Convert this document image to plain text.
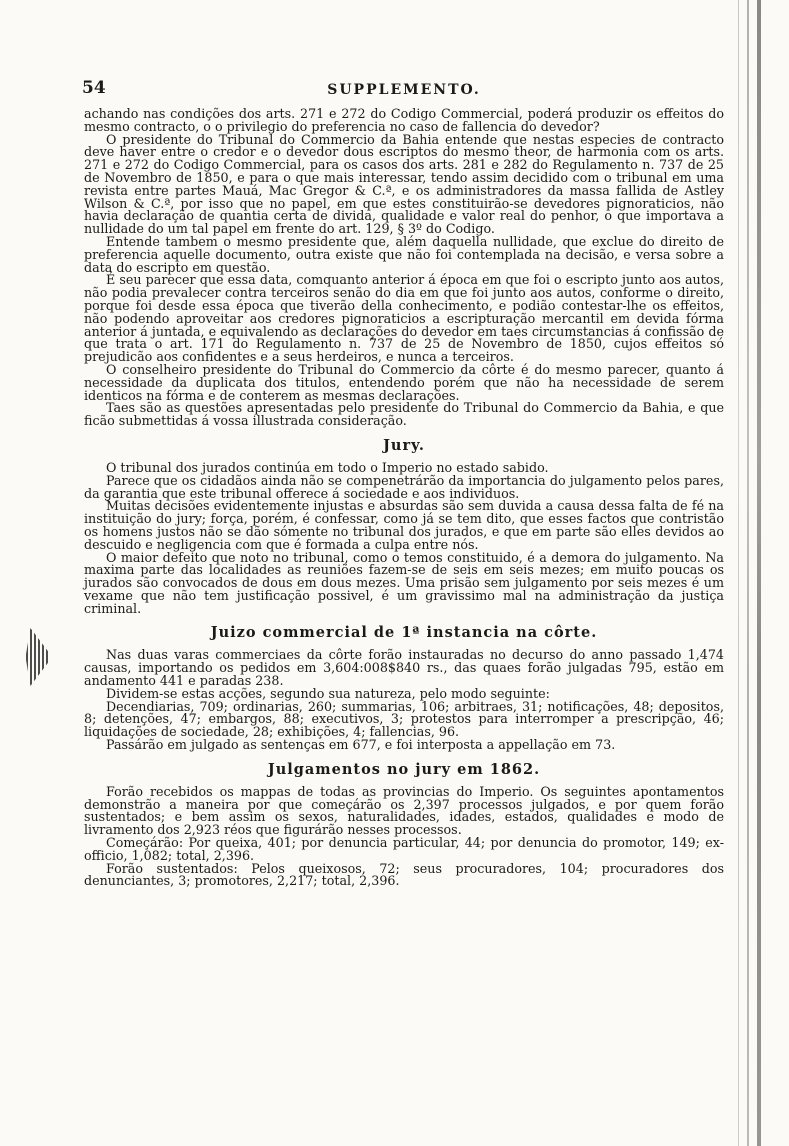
54	SUPPLEMENTO.

achando nas condições dos arts. 271 e 272 do Codigo Commercial, poderá produzir os effeitos do mesmo contracto, o o privilegio do preferencia no caso de fallencia do devedor?

O presidente do Tribunal do Commercio da Bahia entende que nestas especies de contracto deve haver entre o credor e o devedor dous escriptos do mesmo theor, de harmonia com os arts. 271 e 272 do Codigo Commercial, para os casos dos arts. 281 e 282 do Regulamento n. 737 de 25 de Novembro de 1850, e para o que mais interessar, tendo assim decidido com o tribunal em uma revista entre partes Mauá, Mac Gregor & C.ª, e os administradores da massa fallida de Astley Wilson & C.ª, por isso que no papel, em que estes constituirão-se devedores pignoraticios, não havia declaração de quantia certa de divida, qualidade e valor real do penhor, o que importava a nullidade do um tal papel em frente do art. 129, § 3º do Codigo.

Entende tambem o mesmo presidente que, além daquella nullidade, que exclue do direito de preferencia aquelle documento, outra existe que não foi contemplada na decisão, e versa sobre a data do escripto em questão.

É seu parecer que essa data, comquanto anterior á época em que foi o escripto junto aos autos, não podia prevalecer contra terceiros senão do dia em que foi junto aos autos, conforme o direito, porque foi desde essa época que tiverão della conhecimento, e podião contestar-lhe os effeitos, não podendo aproveitar aos credores pignoraticios a escripturação mercantil em devida fórma anterior á juntada, e equivalendo as declarações do devedor em taes circumstancias á confissão de que trata o art. 171 do Regulamento n. 737 de 25 de Novembro de 1850, cujos effeitos só prejudicão aos confidentes e a seus herdeiros, e nunca a terceiros.

O conselheiro presidente do Tribunal do Commercio da côrte é do mesmo parecer, quanto á necessidade da duplicata dos titulos, entendendo porém que não ha necessidade de serem identicos na fórma e de conterem as mesmas declarações.

Taes são as questões apresentadas pelo presidente do Tribunal do Commercio da Bahia, e que ficão submettidas á vossa illustrada consideração.

Jury.

O tribunal dos jurados continúa em todo o Imperio no estado sabido.

Parece que os cidadãos ainda não se compenetrárão da importancia do julgamento pelos pares, da garantia que este tribunal offerece á sociedade e aos individuos.

Muitas decisões evidentemente injustas e absurdas são sem duvida a causa dessa falta de fé na instituição do jury; força, porém, é confessar, como já se tem dito, que esses factos que contristão os homens justos não se dão sómente no tribunal dos jurados, e que em parte são elles devidos ao descuido e negligencia com que é formada a culpa entre nós.

O maior defeito que noto no tribunal, como o temos constituido, é a demora do julgamento. Na maxima parte das localidades as reuniões fazem-se de seis em seis mezes; em muito poucas os jurados são convocados de dous em dous mezes. Uma prisão sem julgamento por seis mezes é um vexame que não tem justificação possivel, é um gravissimo mal na administração da justiça criminal.

Juizo commercial de 1ª instancia na côrte.

Nas duas varas commerciaes da côrte forão instauradas no decurso do anno passado 1,474 causas, importando os pedidos em 3,604:008$840 rs., das quaes forão julgadas 795, estão em andamento 441 e paradas 238.

Dividem-se estas acções, segundo sua natureza, pelo modo seguinte:

Decendiarias, 709; ordinarias, 260; summarias, 106; arbitraes, 31; notificações, 48; depositos, 8; detenções, 47; embargos, 88; executivos, 3; protestos para interromper a prescripção, 46; liquidações de sociedade, 28; exhibições, 4; fallencias, 96.

Passárão em julgado as sentenças em 677, e foi interposta a appellação em 73.

Julgamentos no jury em 1862.

Forão recebidos os mappas de todas as provincias do Imperio. Os seguintes apontamentos demonstrão a maneira por que começárão os 2,397 processos julgados, e por quem forão sustentados; e bem assim os sexos, naturalidades, idades, estados, qualidades e modo de livramento dos 2,923 réos que figurárão nesses processos.

Começárão: Por queixa, 401; por denuncia particular, 44; por denuncia do promotor, 149; ex-officio, 1,082; total, 2,396.

Forão sustentados: Pelos queixosos, 72; seus procuradores, 104; procuradores dos denunciantes, 3; promotores, 2,217; total, 2,396.
